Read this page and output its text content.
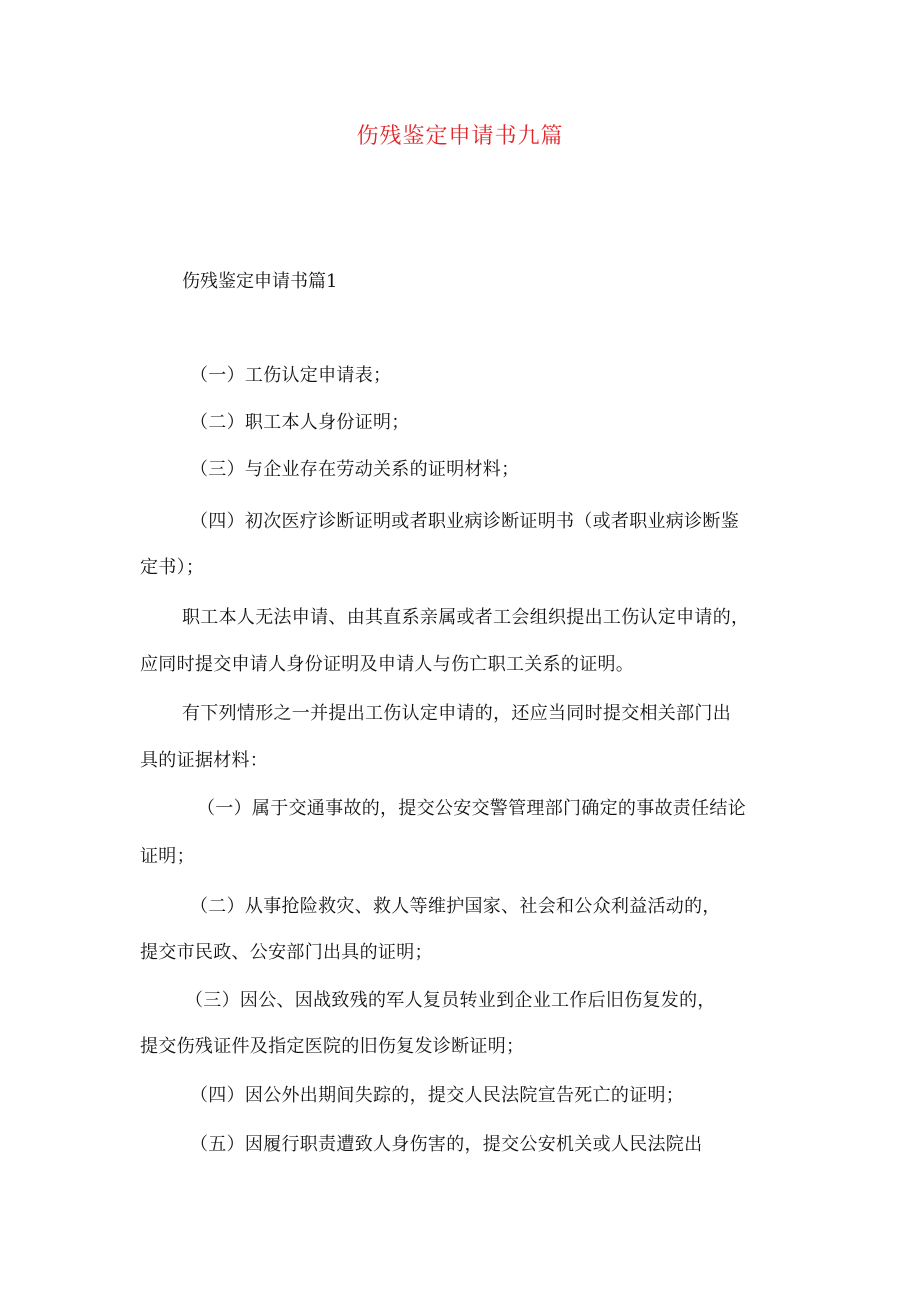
伤残鉴定申请书九篇
伤残鉴定申请书篇1
（一）工伤认定申请表；
（二）职工本人身份证明；
（三）与企业存在劳动关系的证明材料；
（四）初次医疗诊断证明或者职业病诊断证明书（或者职业病诊断鉴
定书）；
职工本人无法申请、由其直系亲属或者工会组织提出工伤认定申请的，
应同时提交申请人身份证明及申请人与伤亡职工关系的证明。
有下列情形之一并提出工伤认定申请的，还应当同时提交相关部门出
具的证据材料：
（一）属于交通事故的，提交公安交警管理部门确定的事故责任结论
证明；
（二）从事抢险救灾、救人等维护国家、社会和公众利益活动的，
提交市民政、公安部门出具的证明；
（三）因公、因战致残的军人复员转业到企业工作后旧伤复发的，
提交伤残证件及指定医院的旧伤复发诊断证明；
（四）因公外出期间失踪的，提交人民法院宣告死亡的证明；
（五）因履行职责遭致人身伤害的，提交公安机关或人民法院出
